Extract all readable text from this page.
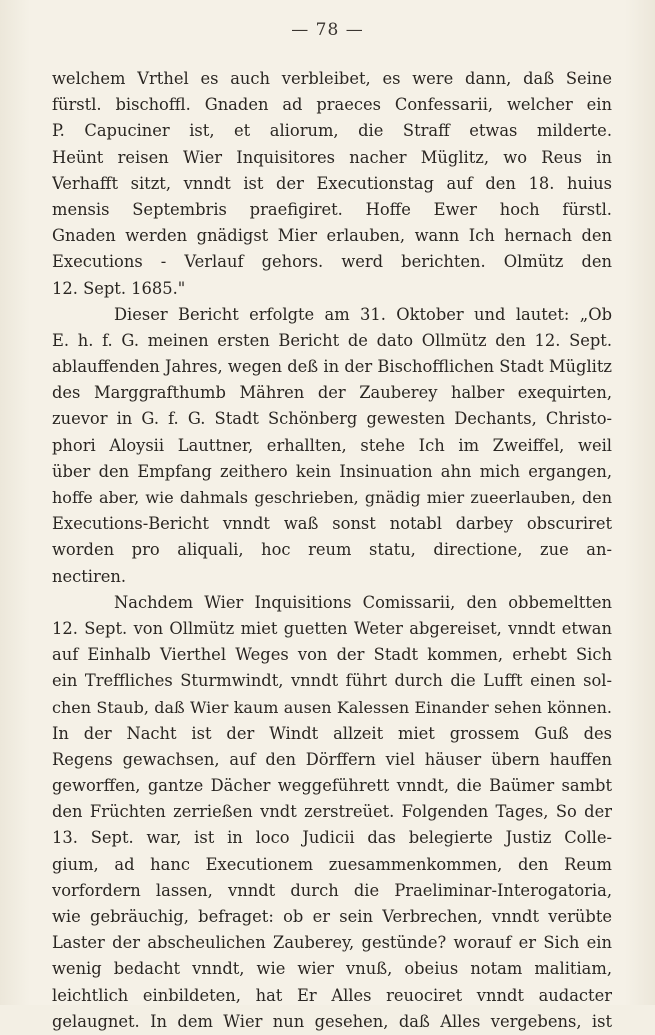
— 78 —
welchem Vrthel es auch verbleibet, es were dann, daß Seine
fürstl. bischoffl. Gnaden ad praeces Confessarii, welcher ein
P. Capuciner ist, et aliorum, die Straff etwas milderte.
Heünt reisen Wier Inquisitores nacher Müglitz, wo Reus in
Verhafft sitzt, vnndt ist der Executionstag auf den 18. huius
mensis Septembris praefigiret. Hoffe Ewer hoch fürstl.
Gnaden werden gnädigst Mier erlauben, wann Ich hernach den
Executions - Verlauf gehors. werd berichten. Olmütz den
12. Sept. 1685."
Dieser Bericht erfolgte am 31. Oktober und lautet: „Ob
E. h. f. G. meinen ersten Bericht de dato Ollmütz den 12. Sept.
ablauffenden Jahres, wegen deß in der Bischofflichen Stadt Müglitz
des Marggrafthumb Mähren der Zauberey halber exequirten,
zuevor in G. f. G. Stadt Schönberg gewesten Dechants, Christo-
phori Aloysii Lauttner, erhallten, stehe Ich im Zweiffel, weil
über den Empfang zeithero kein Insinuation ahn mich ergangen,
hoffe aber, wie dahmals geschrieben, gnädig mier zueerlauben, den
Executions-Bericht vnndt waß sonst notabl darbey obscuriret
worden pro aliquali, hoc reum statu, directione, zue an-
nectiren.
Nachdem Wier Inquisitions Comissarii, den obbemeltten
12. Sept. von Ollmütz miet guetten Weter abgereiset, vnndt etwan
auf Einhalb Vierthel Weges von der Stadt kommen, erhebt Sich
ein Treffliches Sturmwindt, vnndt führt durch die Lufft einen sol-
chen Staub, daß Wier kaum ausen Kalessen Einander sehen können.
In der Nacht ist der Windt allzeit miet grossem Guß des
Regens gewachsen, auf den Dörffern viel häuser übern hauffen
geworffen, gantze Dächer weggeführett vnndt, die Baümer sambt
den Früchten zerrießen vndt zerstreüet. Folgenden Tages, So der
13. Sept. war, ist in loco Judicii das belegierte Justiz Colle-
gium, ad hanc Executionem zuesammenkommen, den Reum
vorfordern lassen, vnndt durch die Praeliminar-Interogatoria,
wie gebräuchig, befraget: ob er sein Verbrechen, vnndt verübte
Laster der abscheulichen Zauberey, gestünde? worauf er Sich ein
wenig bedacht vnndt, wie wier vnuß, obeius notam malitiam,
leichtlich einbildeten, hat Er Alles reuociret vnndt audacter
gelaugnet. In dem Wier nun gesehen, daß Alles vergebens, ist
